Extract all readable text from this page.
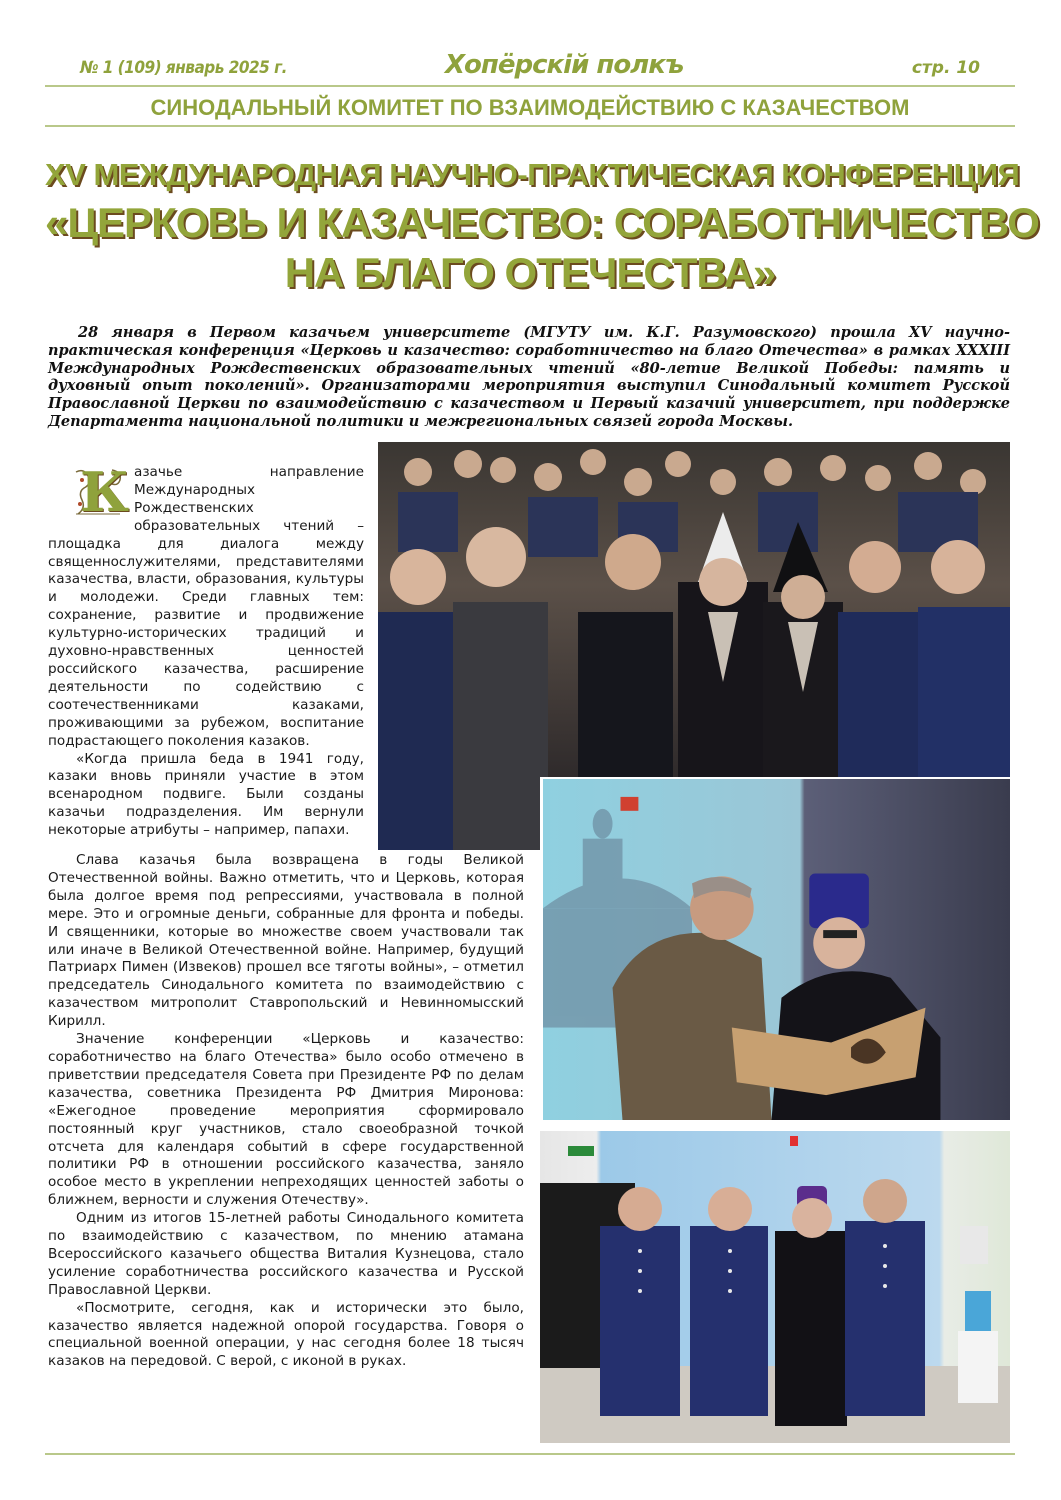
№ 1 (109) январь 2025 г.	Хопёрскiй полкъ	стр. 10
СИНОДАЛЬНЫЙ КОМИТЕТ ПО ВЗАИМОДЕЙСТВИЮ С КАЗАЧЕСТВОМ
XV МЕЖДУНАРОДНАЯ НАУЧНО-ПРАКТИЧЕСКАЯ КОНФЕРЕНЦИЯ
«ЦЕРКОВЬ И КАЗАЧЕСТВО: СОРАБОТНИЧЕСТВО
НА БЛАГО ОТЕЧЕСТВА»
28 января в Первом казачьем университете (МГУТУ им. К.Г. Разумовского) прошла XV научно-практическая конференция «Церковь и казачество: соработничество на благо Отечества» в рамках XXXIII Международных Рождественских образовательных чтений «80-летие Великой Победы: память и духовный опыт поколений». Организаторами мероприятия выступил Синодальный комитет Русской Православной Церкви по взаимодействию с казачеством и Первый казачий университет, при поддержке Департамента национальной политики и межрегиональных связей города Москвы.

К азачье направление Международных Рождественских образовательных чтений – площадка для диалога между священнослужителями, представителями казачества, власти, образования, культуры и молодежи. Среди главных тем: сохранение, развитие и продвижение культурно-исторических традиций и духовно-нравственных ценностей российского казачества, расширение деятельности по содействию с соотечественниками казаками, проживающими за рубежом, воспитание подрастающего поколения казаков.

«Когда пришла беда в 1941 году, казаки вновь приняли участие в этом всенародном подвиге. Были созданы казачьи подразделения. Им вернули некоторые атрибуты – например, папахи.

Слава казачья была возвращена в годы Великой Отечественной войны. Важно отметить, что и Церковь, которая была долгое время под репрессиями, участвовала в полной мере. Это и огромные деньги, собранные для фронта и победы. И священники, которые во множестве своем участвовали так или иначе в Великой Отечественной войне. Например, будущий Патриарх Пимен (Извеков) прошел все тяготы войны», – отметил председатель Синодального комитета по взаимодействию с казачеством митрополит Ставропольский и Невинномысский Кирилл.

Значение конференции «Церковь и казачество: соработничество на благо Отечества» было особо отмечено в приветствии председателя Совета при Президенте РФ по делам казачества, советника Президента РФ Дмитрия Миронова: «Ежегодное проведение мероприятия сформировало постоянный круг участников, стало своеобразной точкой отсчета для календаря событий в сфере государственной политики РФ в отношении российского казачества, заняло особое место в укреплении непреходящих ценностей заботы о ближнем, верности и служения Отечеству».

Одним из итогов 15-летней работы Синодального комитета по взаимодействию с казачеством, по мнению атамана Всероссийского казачьего общества Виталия Кузнецова, стало усиление соработничества российского казачества и Русской Православной Церкви.

«Посмотрите, сегодня, как и исторически это было, казачество является надежной опорой государства. Говоря о специальной военной операции, у нас сегодня более 18 тысяч казаков на передовой. С верой, с иконой в руках.
